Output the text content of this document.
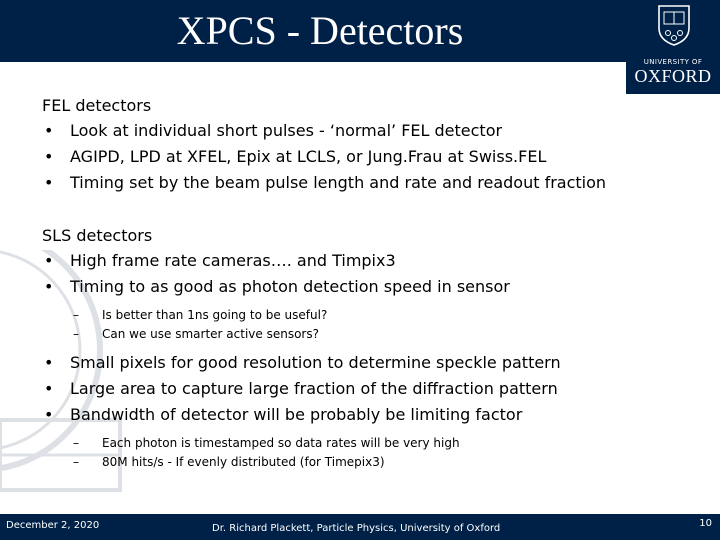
XPCS - Detectors
UNIVERSITY OF
OXFORD

FEL detectors

• Look at individual short pulses - ‘normal’ FEL detector

• AGIPD, LPD at XFEL, Epix at LCLS, or Jung.Frau at Swiss.FEL

• Timing set by the beam pulse length and rate and readout fraction

SLS detectors

• High frame rate cameras…. and Timpix3

• Timing to as good as photon detection speed in sensor

– Is better than 1ns going to be useful?

– Can we use smarter active sensors?

• Small pixels for good resolution to determine speckle pattern

• Large area to capture large fraction of the diffraction pattern

• Bandwidth of detector will be probably be limiting factor

– Each photon is timestamped so data rates will be very high

– 80M hits/s - If evenly distributed (for Timepix3)

December 2, 2020	Dr. Richard Plackett, Particle Physics, University of Oxford	10
